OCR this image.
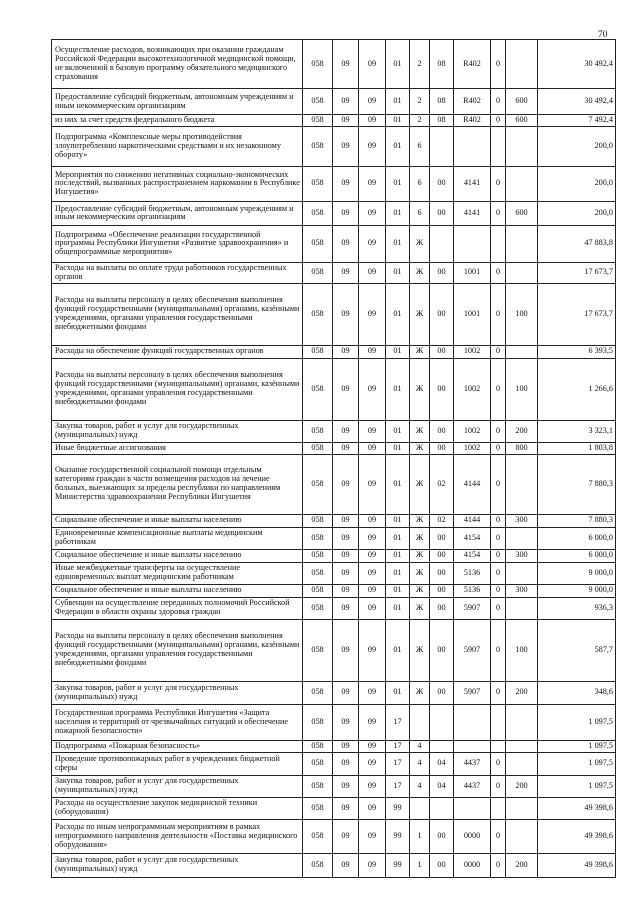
70
Осуществление расходов, возникающих при оказании гражданам Российской Федерации высокотехнологичной медицинской помощи, не включенной в базовую программу обязательного медицинского страхования	058	09	09	01	2	08	R402	0		30 492,4
Предоставление субсидий бюджетным, автономным учреждениям и иным некоммерческим организациям	058	09	09	01	2	08	R402	0	600	30 492,4
из них за счет средств федерального бюджета	058	09	09	01	2	08	R402	0	600	7 492,4
Подпрограмма «Комплексные меры противодействия злоупотреблению наркотическими средствами и их незаконному обороту»	058	09	09	01	6					200,0
Мероприятия по снижению негативных социально-экономических последствий, вызванных распространением наркомании в Республике Ингушетия»	058	09	09	01	6	00	4141	0		200,0
Предоставление субсидий бюджетным, автономным учреждениям и иным некоммерческим организациям	058	09	09	01	6	00	4141	0	600	200,0
Подпрограмма «Обеспечение реализации государственной программы Республики Ингушетия «Развитие здравоохранения» и общепрограммные мероприятия»	058	09	09	01	Ж					47 883,8
Расходы на выплаты по оплате труда работников государственных органов	058	09	09	01	Ж	00	1001	0		17 673,7
Расходы на выплаты персоналу в целях обеспечения выполнения функций государственными (муниципальными) органами, казёнными учреждениями, органами управления государственными внебюджетными фондами	058	09	09	01	Ж	00	1001	0	100	17 673,7
Расходы на обеспечение функций государственных органов	058	09	09	01	Ж	00	1002	0		6 393,5
Расходы на выплаты персоналу в целях обеспечения выполнения функций государственными (муниципальными) органами, казёнными учреждениями, органами управления государственными внебюджетными фондами	058	09	09	01	Ж	00	1002	0	100	1 266,6
Закупка товаров, работ и услуг для государственных (муниципальных) нужд	058	09	09	01	Ж	00	1002	0	200	3 323,1
Иные бюджетные ассигнования	058	09	09	01	Ж	00	1002	0	800	1 803,8
Оказание государственной социальной помощи отдельным категориям граждан в части возмещения расходов на лечение больных, выезжающих за пределы республики по направлениям Министерства здравоохранения Республики Ингушетия	058	09	09	01	Ж	02	4144	0		7 880,3
Социальное обеспечение и иные выплаты населению	058	09	09	01	Ж	02	4144	0	300	7 880,3
Единовременные компенсационные выплаты медицинским работникам	058	09	09	01	Ж	00	4154	0		6 000,0
Социальное обеспечение и иные выплаты населению	058	09	09	01	Ж	00	4154	0	300	6 000,0
Иные межбюджетные трансферты на осуществление единовременных выплат медицинским работникам	058	09	09	01	Ж	00	5136	0		9 000,0
Социальное обеспечение и иные выплаты населению	058	09	09	01	Ж	00	5136	0	300	9 000,0
Субвенции на осуществление переданных полномочий Российской Федерации в области охраны здоровья граждан	058	09	09	01	Ж	00	5907	0		936,3
Расходы на выплаты персоналу в целях обеспечения выполнения функций государственными (муниципальными) органами, казёнными учреждениями, органами управления государственными внебюджетными фондами	058	09	09	01	Ж	00	5907	0	100	587,7
Закупка товаров, работ и услуг для государственных (муниципальных) нужд	058	09	09	01	Ж	00	5907	0	200	348,6
Государственная программа Республики Ингушетия «Защита населения и территорий от чрезвычайных ситуаций и обеспечение пожарной безопасности»	058	09	09	17						1 097,5
Подпрограмма «Пожарная безопасность»	058	09	09	17	4					1 097,5
Проведение противопожарных работ в учреждениях бюджетной сферы	058	09	09	17	4	04	4437	0		1 097,5
Закупка товаров, работ и услуг для государственных (муниципальных) нужд	058	09	09	17	4	04	4437	0	200	1 097,5
Расходы на осуществление закупок медицинской техники (оборудования)	058	09	09	99						49 398,6
Расходы по иным непрограммным мероприятиям в рамках непрограммного направления деятельности «Поставка медицинского оборудования»	058	09	09	99	1	00	0000	0		49 398,6
Закупка товаров, работ и услуг для государственных (муниципальных) нужд	058	09	09	99	1	00	0000	0	200	49 398,6
